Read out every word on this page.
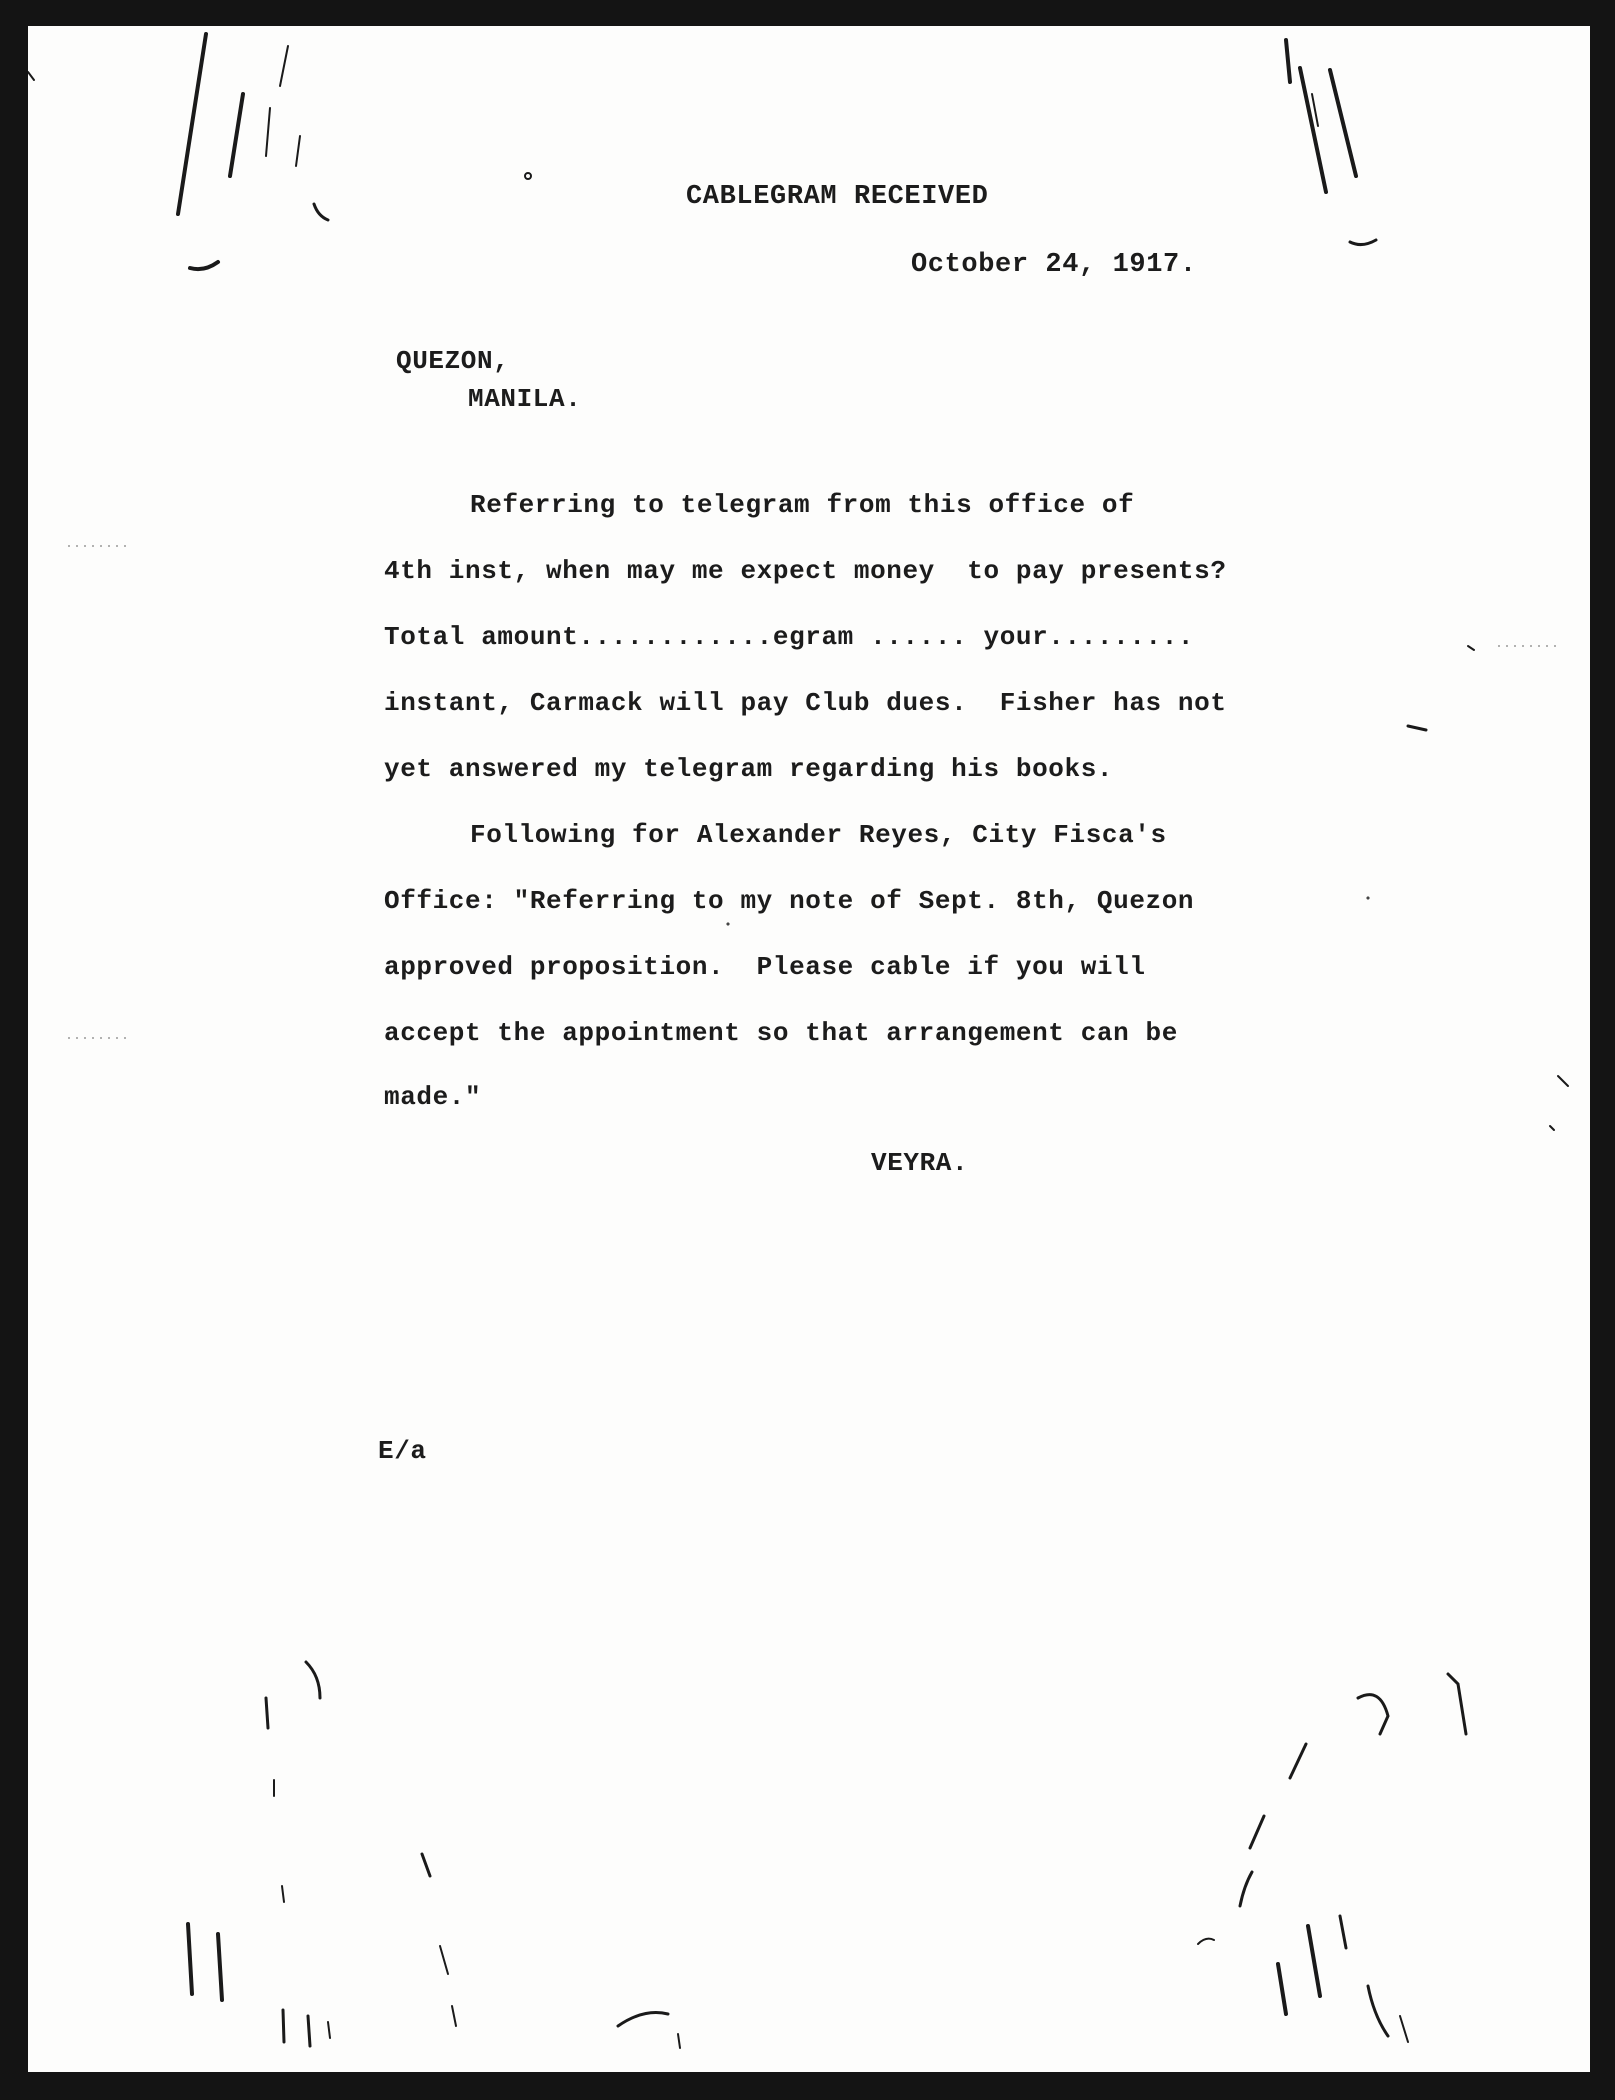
CABLEGRAM RECEIVED
October 24, 1917.
QUEZON,
MANILA.
Referring to telegram from this office of
4th inst, when may me expect money  to pay presents?
Total amount............egram ...... your.........
instant, Carmack will pay Club dues.  Fisher has not
yet answered my telegram regarding his books.
Following for Alexander Reyes, City Fisca's
Office: "Referring to my note of Sept. 8th, Quezon
approved proposition.  Please cable if you will
accept the appointment so that arrangement can be
made."
VEYRA.
E/a
